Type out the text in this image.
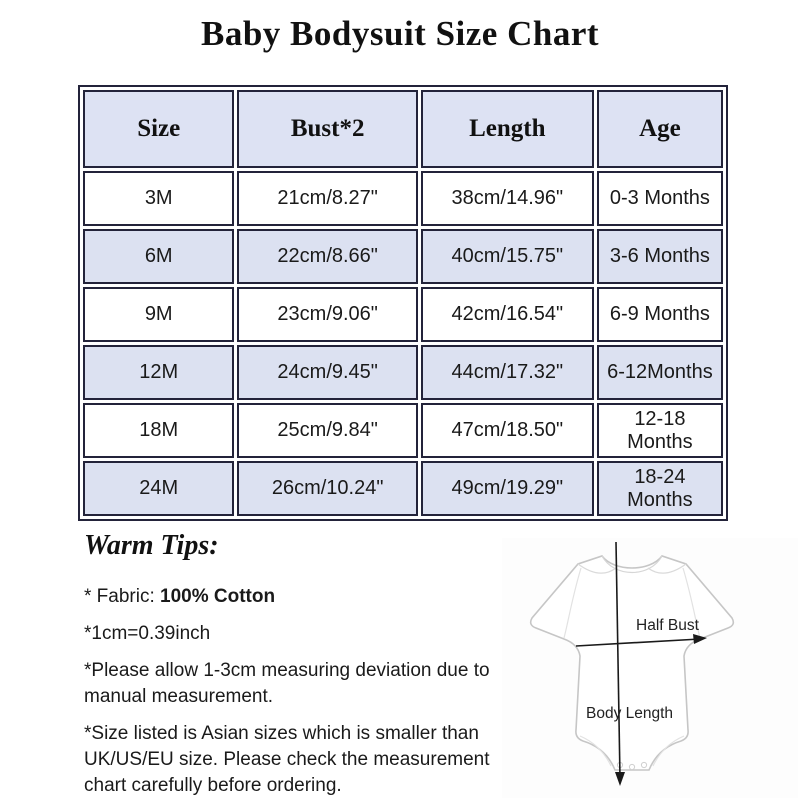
Baby Bodysuit Size Chart
Size	Bust*2	Length	Age
3M	21cm/8.27"	38cm/14.96"	0-3 Months
6M	22cm/8.66"	40cm/15.75"	3-6 Months
9M	23cm/9.06"	42cm/16.54"	6-9 Months
12M	24cm/9.45"	44cm/17.32"	6-12Months
18M	25cm/9.84"	47cm/18.50"	12-18 Months
24M	26cm/10.24"	49cm/19.29"	18-24 Months
Warm Tips:

* Fabric: 100% Cotton

*1cm=0.39inch

*Please allow 1-3cm measuring deviation due to manual measurement.

*Size listed is Asian sizes which is smaller than UK/US/EU size. Please check the measurement chart carefully before ordering.

Half Bust
Body Length
